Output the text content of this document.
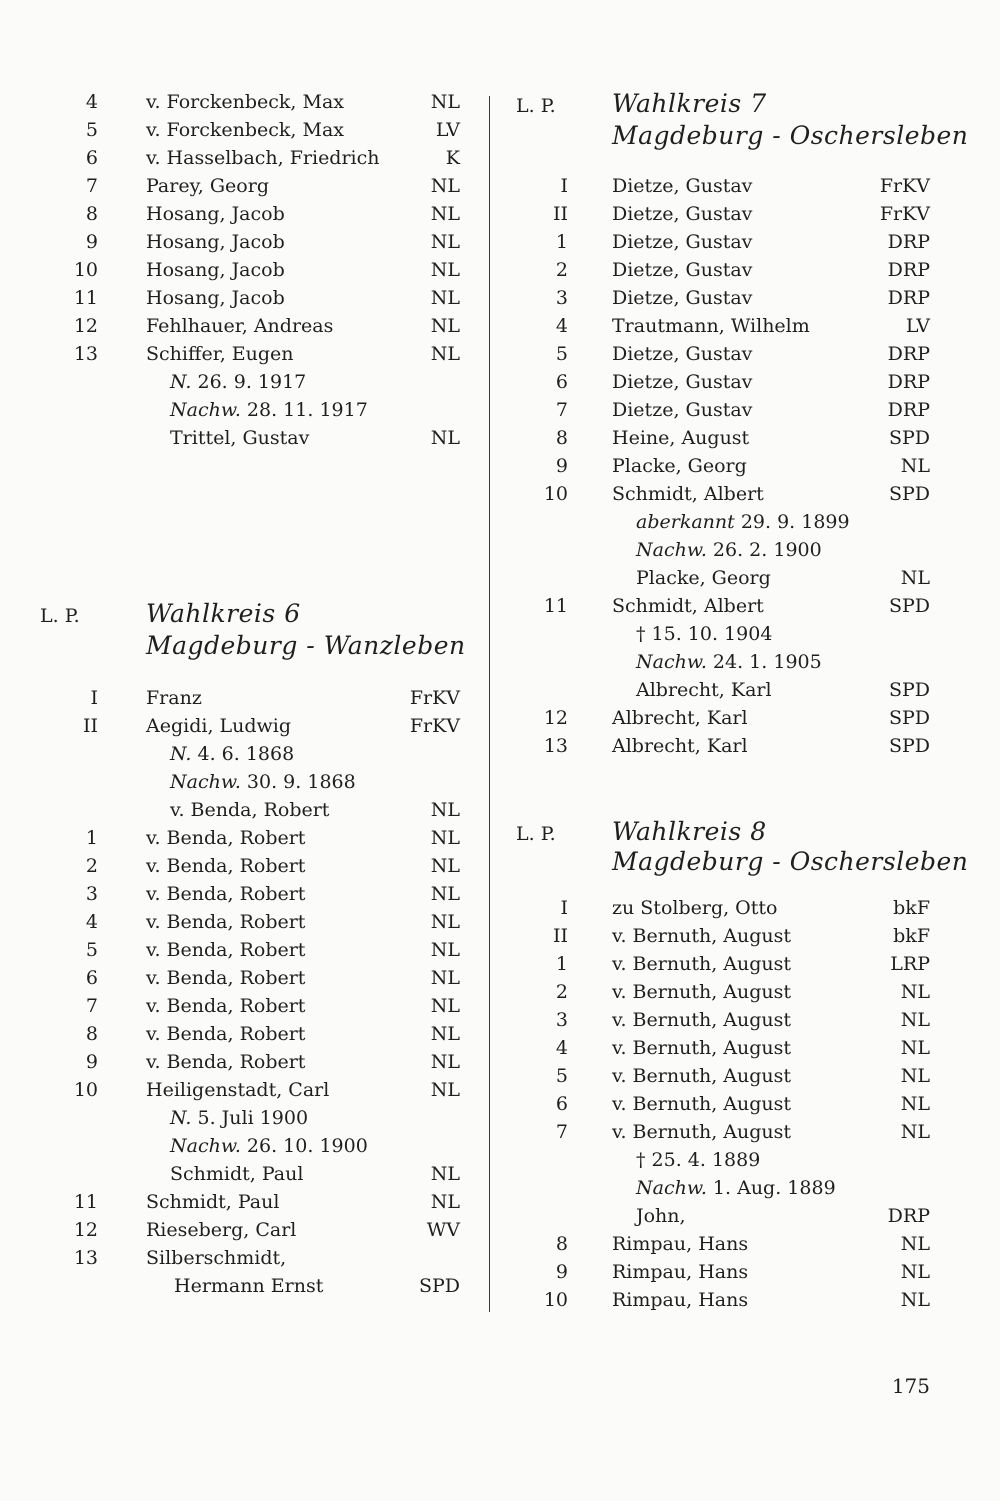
4	v. Forckenbeck, Max	NL
5	v. Forckenbeck, Max	LV
6	v. Hasselbach, Friedrich	K
7	Parey, Georg	NL
8	Hosang, Jacob	NL
9	Hosang, Jacob	NL
10	Hosang, Jacob	NL
11	Hosang, Jacob	NL
12	Fehlhauer, Andreas	NL
13	Schiffer, Eugen	NL
N. 26. 9. 1917
Nachw. 28. 11. 1917
Trittel, Gustav	NL
L. P.	Wahlkreis 6
Magdeburg - Wanzleben
I	Franz	FrKV
II	Aegidi, Ludwig	FrKV
N. 4. 6. 1868
Nachw. 30. 9. 1868
v. Benda, Robert	NL
1	v. Benda, Robert	NL
2	v. Benda, Robert	NL
3	v. Benda, Robert	NL
4	v. Benda, Robert	NL
5	v. Benda, Robert	NL
6	v. Benda, Robert	NL
7	v. Benda, Robert	NL
8	v. Benda, Robert	NL
9	v. Benda, Robert	NL
10	Heiligenstadt, Carl	NL
N. 5. Juli 1900
Nachw. 26. 10. 1900
Schmidt, Paul	NL
11	Schmidt, Paul	NL
12	Rieseberg, Carl	WV
13	Silberschmidt,
Hermann Ernst	SPD
L. P. Wahlkreis 7
Magdeburg - Oschersleben
I Dietze, Gustav	FrKV
II Dietze, Gustav	FrKV
1 Dietze, Gustav	DRP
2 Dietze, Gustav	DRP
3 Dietze, Gustav	DRP
4 Trautmann, Wilhelm	LV
5 Dietze, Gustav	DRP
6 Dietze, Gustav	DRP
7 Dietze, Gustav	DRP
8 Heine, August	SPD
9 Placke, Georg	NL
10 Schmidt, Albert	SPD
aberkannt 29. 9. 1899
Nachw. 26. 2. 1900
Placke, Georg	NL
11 Schmidt, Albert	SPD
† 15. 10. 1904
Nachw. 24. 1. 1905
Albrecht, Karl	SPD
12 Albrecht, Karl	SPD
13 Albrecht, Karl	SPD
L. P. Wahlkreis 8
Magdeburg - Oschersleben
I zu Stolberg, Otto	bkF
II v. Bernuth, August	bkF
1 v. Bernuth, August	LRP
2 v. Bernuth, August	NL
3 v. Bernuth, August	NL
4 v. Bernuth, August	NL
5 v. Bernuth, August	NL
6 v. Bernuth, August	NL
7 v. Bernuth, August	NL
† 25. 4. 1889
Nachw. 1. Aug. 1889
John,	DRP
8 Rimpau, Hans	NL
9 Rimpau, Hans	NL
10 Rimpau, Hans	NL
175
